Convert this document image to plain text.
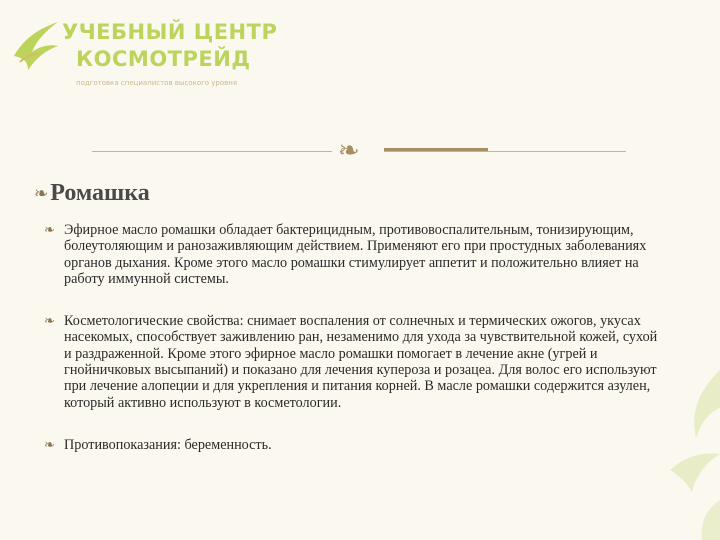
УЧЕБНЫЙ ЦЕНТР
КОСМОТРЕЙД
подготовка специалистов высокого уровня
❧
❧ Ромашка
❧ Эфирное масло ромашки обладает бактерицидным, противовоспалительным, тонизирующим, болеутоляющим и ранозаживляющим действием. Применяют его при простудных заболеваниях органов дыхания. Кроме этого масло ромашки стимулирует аппетит и положительно влияет на работу иммунной системы.
❧ Косметологические свойства: снимает воспаления от солнечных и термических ожогов, укусах насекомых, способствует заживлению ран, незаменимо для ухода за чувствительной кожей, сухой и раздраженной. Кроме этого эфирное масло ромашки помогает в лечение акне (угрей и гнойничковых высыпаний) и показано для лечения купероза и розацеа. Для волос его используют при лечение алопеции и для укрепления и питания корней. В масле ромашки содержится азулен, который активно используют в косметологии.
❧ Противопоказания: беременность.
